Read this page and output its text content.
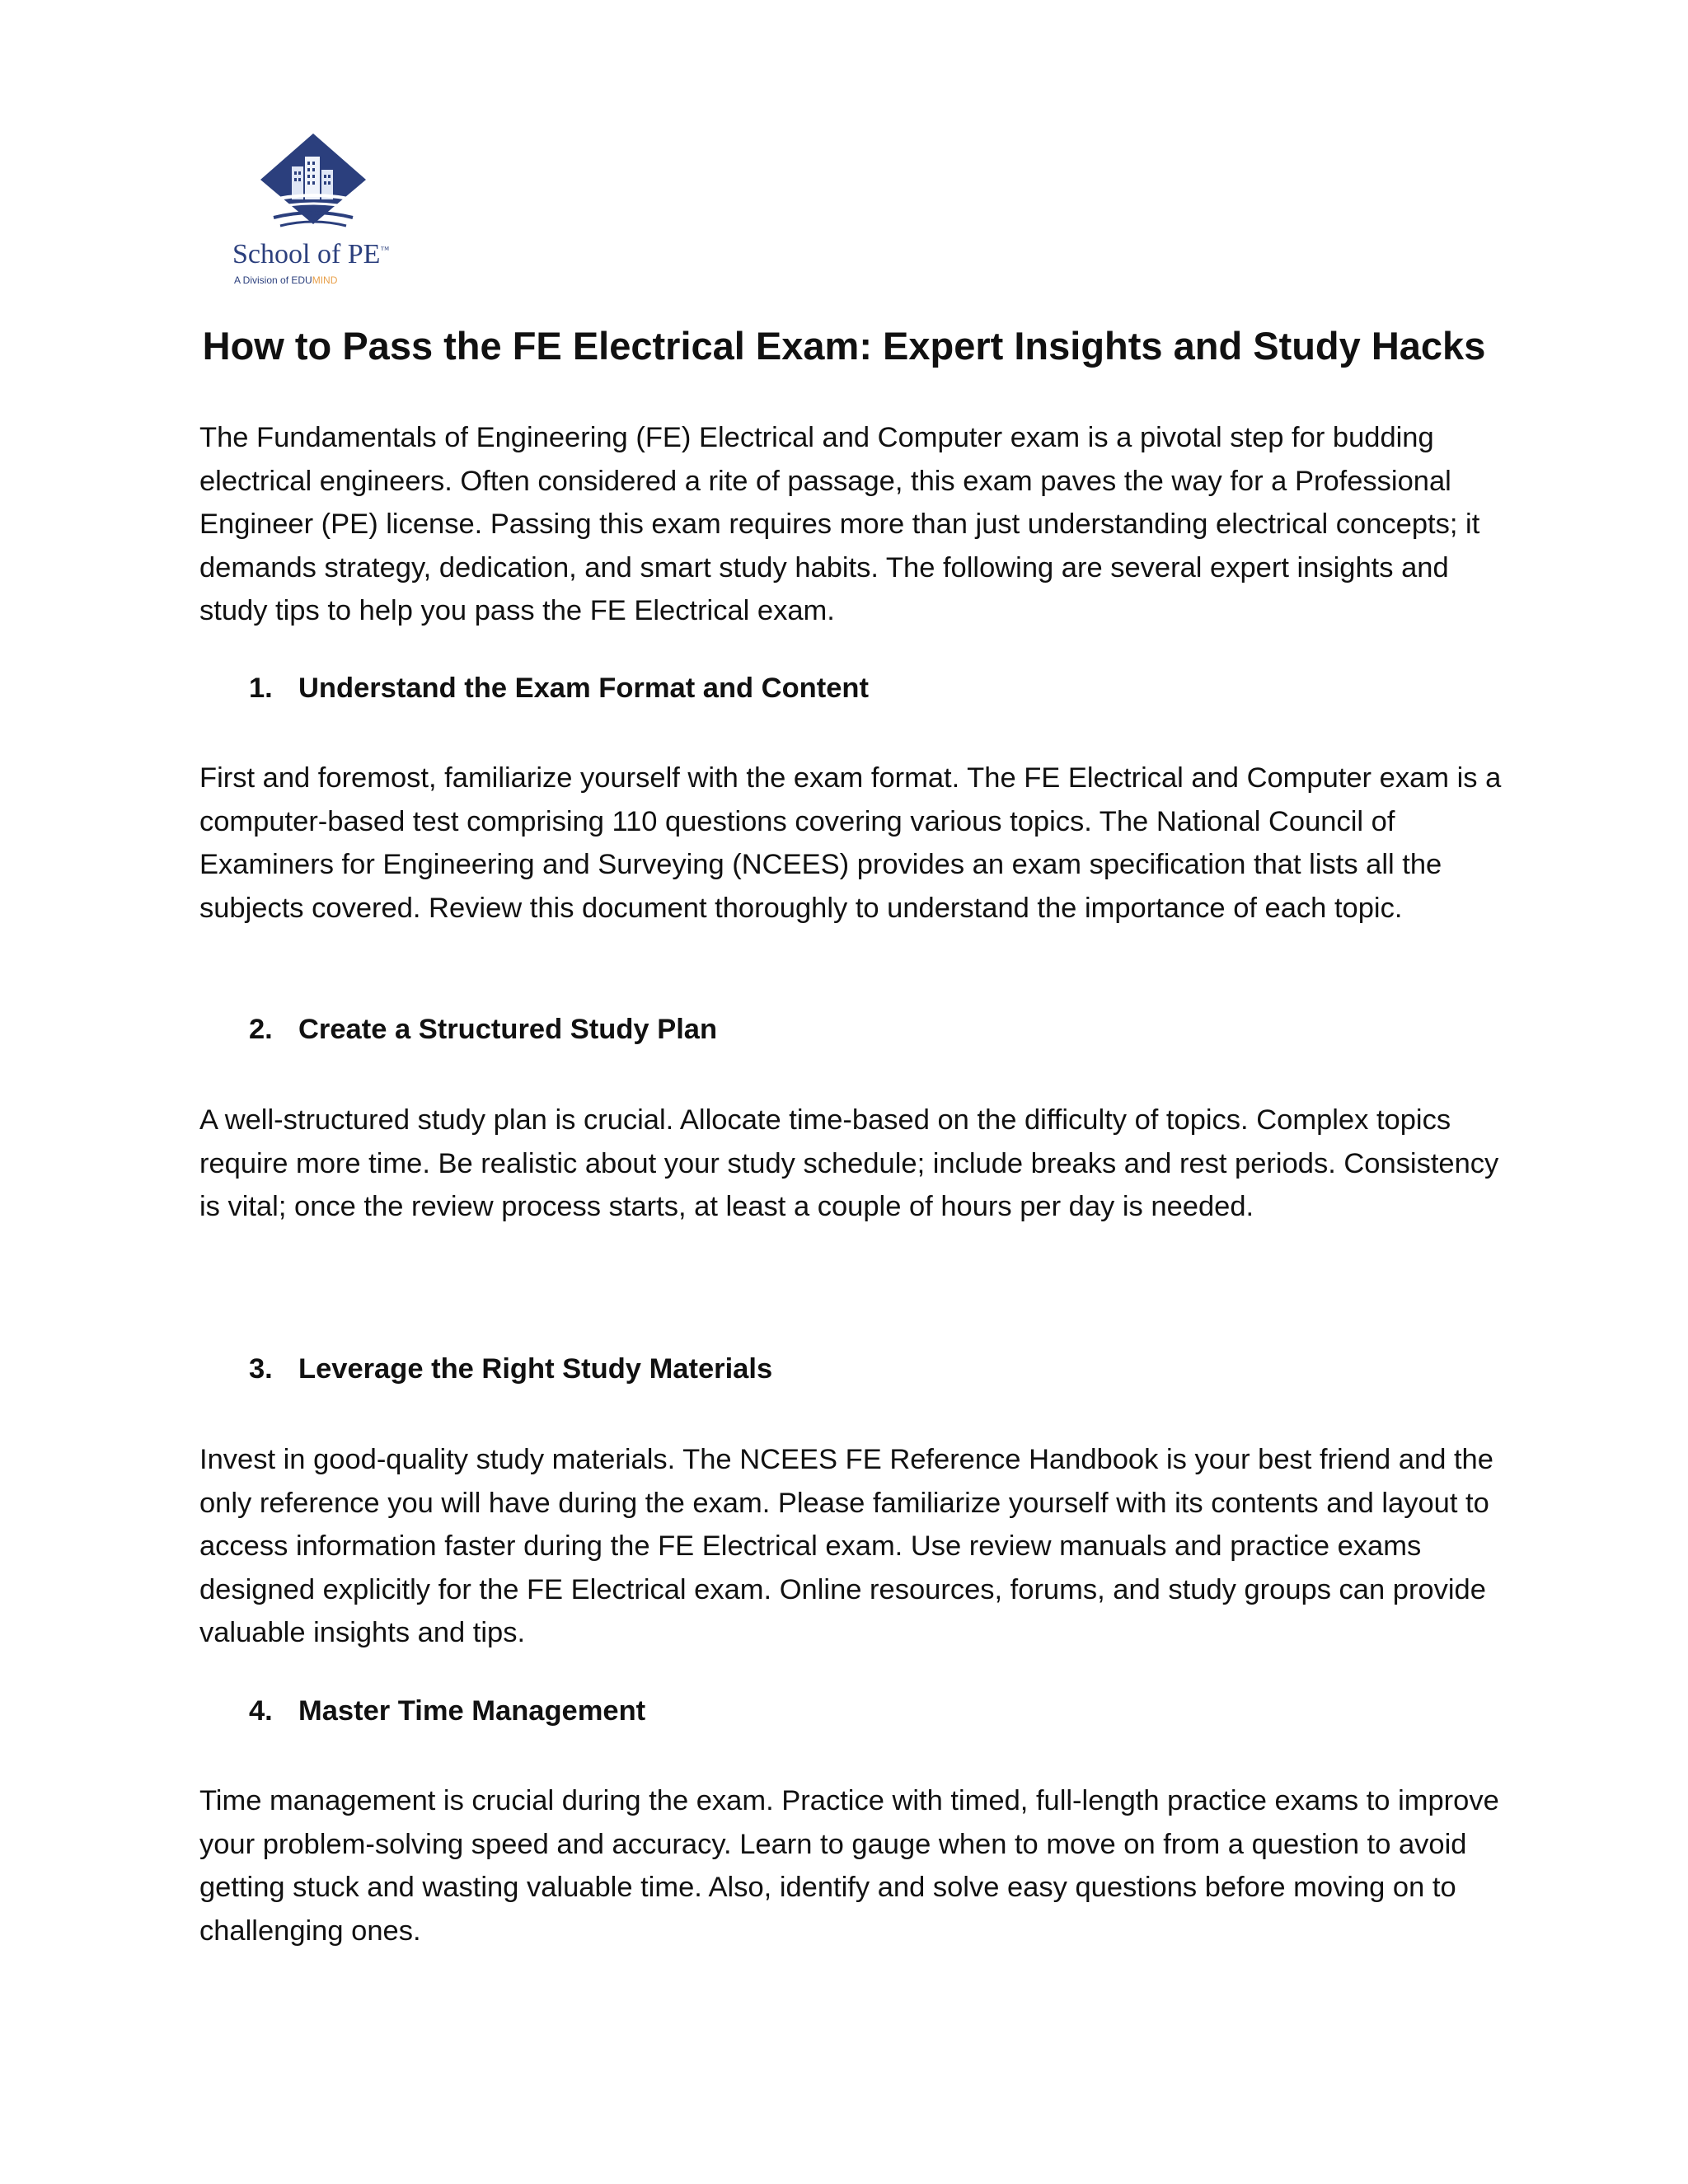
School of PE™
A Division of EDUMIND
How to Pass the FE Electrical Exam: Expert Insights and Study Hacks

The Fundamentals of Engineering (FE) Electrical and Computer exam is a pivotal step for budding electrical engineers. Often considered a rite of passage, this exam paves the way for a Professional Engineer (PE) license. Passing this exam requires more than just understanding electrical concepts; it demands strategy, dedication, and smart study habits. The following are several expert insights and study tips to help you pass the FE Electrical exam.

1. Understand the Exam Format and Content

First and foremost, familiarize yourself with the exam format. The FE Electrical and Computer exam is a computer-based test comprising 110 questions covering various topics. The National Council of Examiners for Engineering and Surveying (NCEES) provides an exam specification that lists all the subjects covered. Review this document thoroughly to understand the importance of each topic.

2. Create a Structured Study Plan

A well-structured study plan is crucial. Allocate time-based on the difficulty of topics. Complex topics require more time. Be realistic about your study schedule; include breaks and rest periods. Consistency is vital; once the review process starts, at least a couple of hours per day is needed.

3. Leverage the Right Study Materials

Invest in good-quality study materials. The NCEES FE Reference Handbook is your best friend and the only reference you will have during the exam. Please familiarize yourself with its contents and layout to access information faster during the FE Electrical exam. Use review manuals and practice exams designed explicitly for the FE Electrical exam. Online resources, forums, and study groups can provide valuable insights and tips.

4. Master Time Management

Time management is crucial during the exam. Practice with timed, full-length practice exams to improve your problem-solving speed and accuracy. Learn to gauge when to move on from a question to avoid getting stuck and wasting valuable time. Also, identify and solve easy questions before moving on to challenging ones.
